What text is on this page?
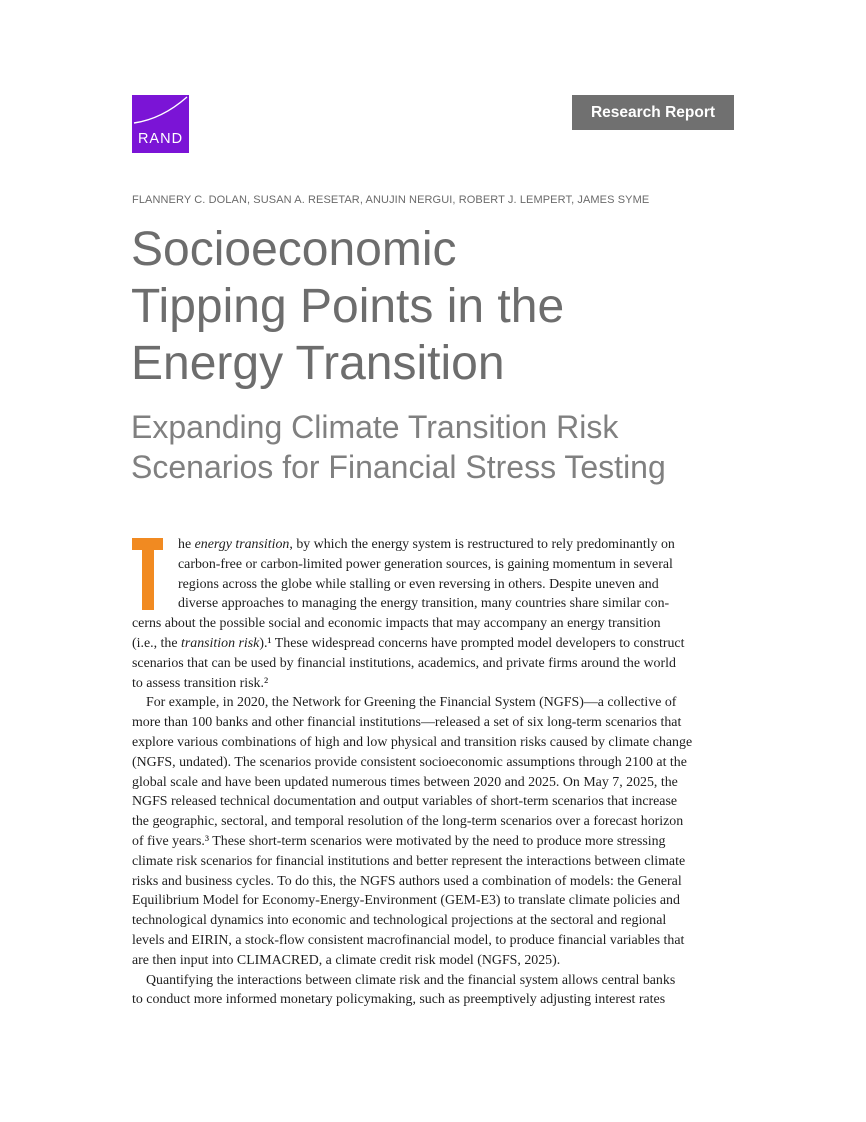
RAND
Research Report
FLANNERY C. DOLAN, SUSAN A. RESETAR, ANUJIN NERGUI, ROBERT J. LEMPERT, JAMES SYME
Socioeconomic
Tipping Points in the
Energy Transition
Expanding Climate Transition Risk
Scenarios for Financial Stress Testing

he energy transition, by which the energy system is restructured to rely predominantly on
carbon-free or carbon-limited power generation sources, is gaining momentum in several
regions across the globe while stalling or even reversing in others. Despite uneven and
diverse approaches to managing the energy transition, many countries share similar con-
cerns about the possible social and economic impacts that may accompany an energy transition
(i.e., the transition risk).¹ These widespread concerns have prompted model developers to construct
scenarios that can be used by financial institutions, academics, and private firms around the world
to assess transition risk.²

For example, in 2020, the Network for Greening the Financial System (NGFS)—a collective of
more than 100 banks and other financial institutions—released a set of six long-term scenarios that
explore various combinations of high and low physical and transition risks caused by climate change
(NGFS, undated). The scenarios provide consistent socioeconomic assumptions through 2100 at the
global scale and have been updated numerous times between 2020 and 2025. On May 7, 2025, the
NGFS released technical documentation and output variables of short-term scenarios that increase
the geographic, sectoral, and temporal resolution of the long-term scenarios over a forecast horizon
of five years.³ These short-term scenarios were motivated by the need to produce more stressing
climate risk scenarios for financial institutions and better represent the interactions between climate
risks and business cycles. To do this, the NGFS authors used a combination of models: the General
Equilibrium Model for Economy-Energy-Environment (GEM-E3) to translate climate policies and
technological dynamics into economic and technological projections at the sectoral and regional
levels and EIRIN, a stock-flow consistent macrofinancial model, to produce financial variables that
are then input into CLIMACRED, a climate credit risk model (NGFS, 2025).

Quantifying the interactions between climate risk and the financial system allows central banks
to conduct more informed monetary policymaking, such as preemptively adjusting interest rates
